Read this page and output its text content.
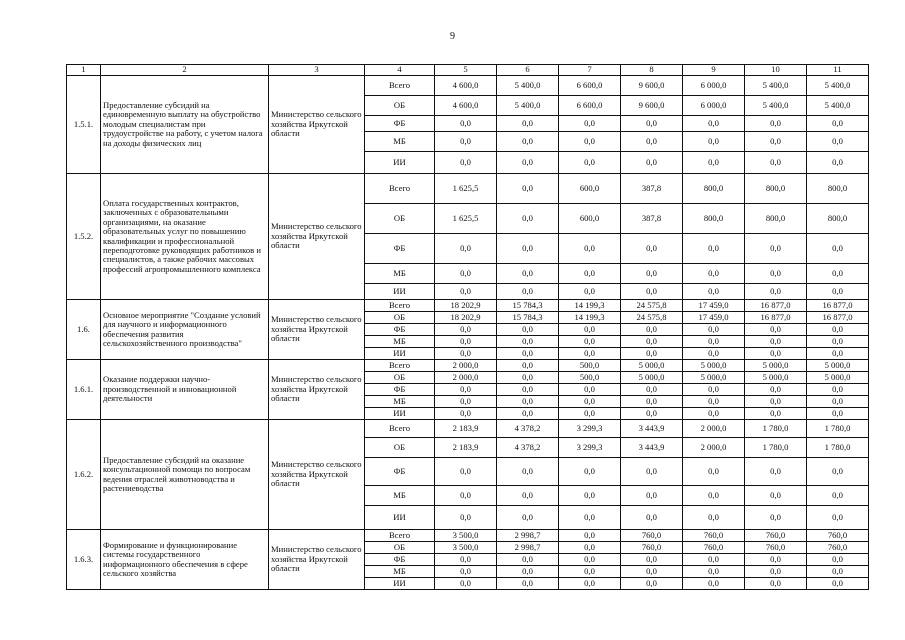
9
1	2	3	4	5	6	7	8	9	10	11
1.5.1.	Предоставление субсидий на единовременную выплату на обустройство молодым специалистам при трудоустройстве на работу, с учетом налога на доходы физических лиц	Министерство сельского хозяйства Иркутской области	Всего	4 600,0	5 400,0	6 600,0	9 600,0	6 000,0	5 400,0	5 400,0
			ОБ	4 600,0	5 400,0	6 600,0	9 600,0	6 000,0	5 400,0	5 400,0
			ФБ	0,0	0,0	0,0	0,0	0,0	0,0	0,0
			МБ	0,0	0,0	0,0	0,0	0,0	0,0	0,0
			ИИ	0,0	0,0	0,0	0,0	0,0	0,0	0,0
1.5.2.	Оплата государственных контрактов, заключенных с образовательными организациями, на оказание образовательных услуг по повышению квалификации и профессиональной переподготовке руководящих работников и специалистов, а также рабочих массовых профессий агропромышленного комплекса	Министерство сельского хозяйства Иркутской области	Всего	1 625,5	0,0	600,0	387,8	800,0	800,0	800,0
			ОБ	1 625,5	0,0	600,0	387,8	800,0	800,0	800,0
			ФБ	0,0	0,0	0,0	0,0	0,0	0,0	0,0
			МБ	0,0	0,0	0,0	0,0	0,0	0,0	0,0
			ИИ	0,0	0,0	0,0	0,0	0,0	0,0	0,0
1.6.	Основное мероприятие "Создание условий для научного и информационного обеспечения развития сельскохозяйственного производства"	Министерство сельского хозяйства Иркутской области	Всего	18 202,9	15 784,3	14 199,3	24 575,8	17 459,0	16 877,0	16 877,0
			ОБ	18 202,9	15 784,3	14 199,3	24 575,8	17 459,0	16 877,0	16 877,0
			ФБ	0,0	0,0	0,0	0,0	0,0	0,0	0,0
			МБ	0,0	0,0	0,0	0,0	0,0	0,0	0,0
			ИИ	0,0	0,0	0,0	0,0	0,0	0,0	0,0
1.6.1.	Оказание поддержки научно-производственной и инновационной деятельности	Министерство сельского хозяйства Иркутской области	Всего	2 000,0	0,0	500,0	5 000,0	5 000,0	5 000,0	5 000,0
			ОБ	2 000,0	0,0	500,0	5 000,0	5 000,0	5 000,0	5 000,0
			ФБ	0,0	0,0	0,0	0,0	0,0	0,0	0,0
			МБ	0,0	0,0	0,0	0,0	0,0	0,0	0,0
			ИИ	0,0	0,0	0,0	0,0	0,0	0,0	0,0
1.6.2.	Предоставление субсидий на оказание консультационной помощи по вопросам ведения отраслей животноводства и растениеводства	Министерство сельского хозяйства Иркутской области	Всего	2 183,9	4 378,2	3 299,3	3 443,9	2 000,0	1 780,0	1 780,0
			ОБ	2 183,9	4 378,2	3 299,3	3 443,9	2 000,0	1 780,0	1 780,0
			ФБ	0,0	0,0	0,0	0,0	0,0	0,0	0,0
			МБ	0,0	0,0	0,0	0,0	0,0	0,0	0,0
			ИИ	0,0	0,0	0,0	0,0	0,0	0,0	0,0
1.6.3.	Формирование и функционирование системы государственного информационного обеспечения в сфере сельского хозяйства	Министерство сельского хозяйства Иркутской области	Всего	3 500,0	2 998,7	0,0	760,0	760,0	760,0	760,0
			ОБ	3 500,0	2 998,7	0,0	760,0	760,0	760,0	760,0
			ФБ	0,0	0,0	0,0	0,0	0,0	0,0	0,0
			МБ	0,0	0,0	0,0	0,0	0,0	0,0	0,0
			ИИ	0,0	0,0	0,0	0,0	0,0	0,0	0,0
